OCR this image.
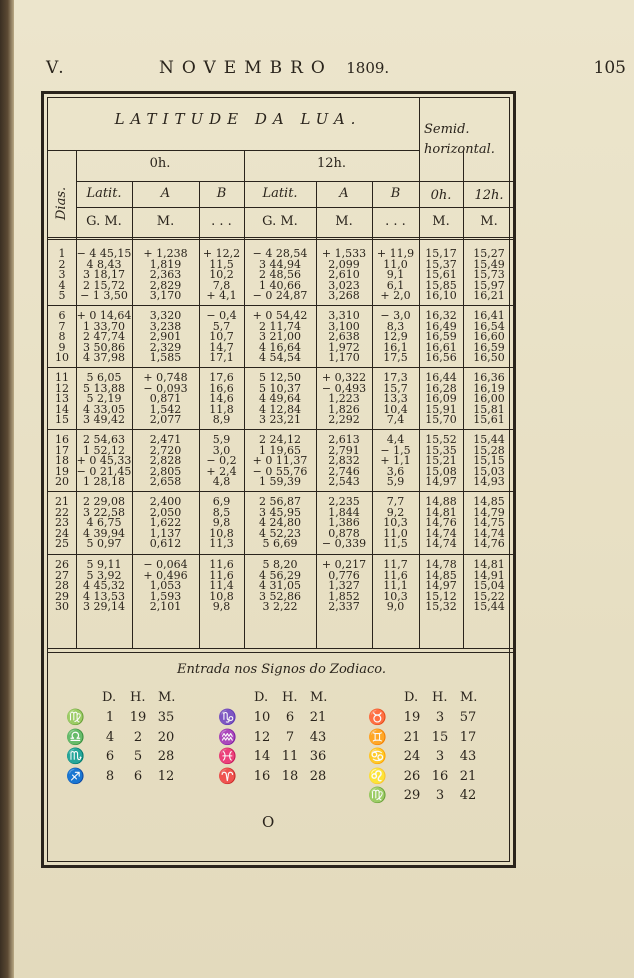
V.	NOVEMBRO 1809.	105
LATITUDE DA LUA.
Semid.
horizontal.
0h.	12h.
Dias.	Latit.	A	B	Latit.	A	B	0h.	12h.
G. M.	M.	. . .	G. M.	M.	. . .	M.	M.
1	− 4 45,15	+ 1,238	+ 12,2	− 4 28,54	+ 1,533 + 11,9	15,17	15,27
2	4 8,43	1,819	11,5	3 44,94	2,099	11,0	15,37	15,49
3	3 18,17	2,363	10,2	2 48,56	2,610	9,1	15,61	15,73
4	2 15,72	2,829	7,8	1 40,66	3,023	6,1	15,85	15,97
5	− 1 3,50	3,170	+ 4,1	− 0 24,87	3,268	+ 2,0	16,10	16,21
6	+ 0 14,64	3,320	− 0,4	+ 0 54,42	3,310	− 3,0	16,32	16,41
7	1 33,70	3,238	5,7	2 11,74	3,100	8,3	16,49	16,54
8	2 47,74	2,901	10,7	3 21,00	2,638	12,9	16,59	16,60
9	3 50,86	2,329	14,7	4 16,64	1,972	16,1	16,61	16,59
10	4 37,98	1,585	17,1	4 54,54	1,170	17,5	16,56	16,50
11	5 6,05	+ 0,748	17,6	5 12,50	+ 0,322	17,3	16,44	16,36
12	5 13,88	− 0,093	16,6	5 10,37	− 0,493	15,7	16,28	16,19
13	5 2,19	0,871	14,6	4 49,64	1,223	13,3	16,09	16,00
14	4 33,05	1,542	11,8	4 12,84	1,826	10,4	15,91	15,81
15	3 49,42	2,077	8,9	3 23,21	2,292	7,4	15,70	15,61
16	2 54,63	2,471	5,9	2 24,12	2,613	4,4	15,52	15,44
17	1 52,12	2,720	3,0	1 19,65	2,791	− 1,5	15,35	15,28
18 + 0 45,33	2,828	− 0,2	+ 0 11,37	2,832	+ 1,1	15,21	15,15
19 − 0 21,45	2,805	+ 2,4	− 0 55,76	2,746	3,6	15,08	15,03
20	1 28,18	2,658	4,8	1 59,39	2,543	5,9	14,97	14,93
21	2 29,08	2,400	6,9	2 56,87	2,235	7,7	14,88	14,85
22	3 22,58	2,050	8,5	3 45,95	1,844	9,2	14,81	14,79
23	4 6,75	1,622	9,8	4 24,80	1,386	10,3	14,76	14,75
24	4 39,94	1,137	10,8	4 52,23	0,878	11,0	14,74	14,74
25	5 0,97	0,612	11,3	5 6,69	− 0,339	11,5	14,74	14,76
26	5 9,11	− 0,064	11,6	5 8,20	+ 0,217	11,7	14,78	14,81
27	5 3,92	+ 0,496	11,6	4 56,29	0,776	11,6	14,85	14,91
28	4 45,32	1,053	11,4	4 31,05	1,327	11,1	14,97	15,04
29	4 13,53	1,593	10,8	3 52,86	1,852	10,3	15,12	15,22
30	3 29,14	2,101	9,8	3 2,22	2,337	9,0	15,32	15,44
Entrada nos Signos do Zodiaco.
D.	H. M.
♍	1	19 35
♎	4	2	20
♏	6	5	28
♐	8	6	12
D.	H. M.
♑	10	6	21
♒	12	7	43
♓	14 11 36
♈	16 18 28
D.	H. M.
♉	19	3	57
♊	21 15 17
♋	24	3	43
♌	26 16 21
♍	29	3	42
O
